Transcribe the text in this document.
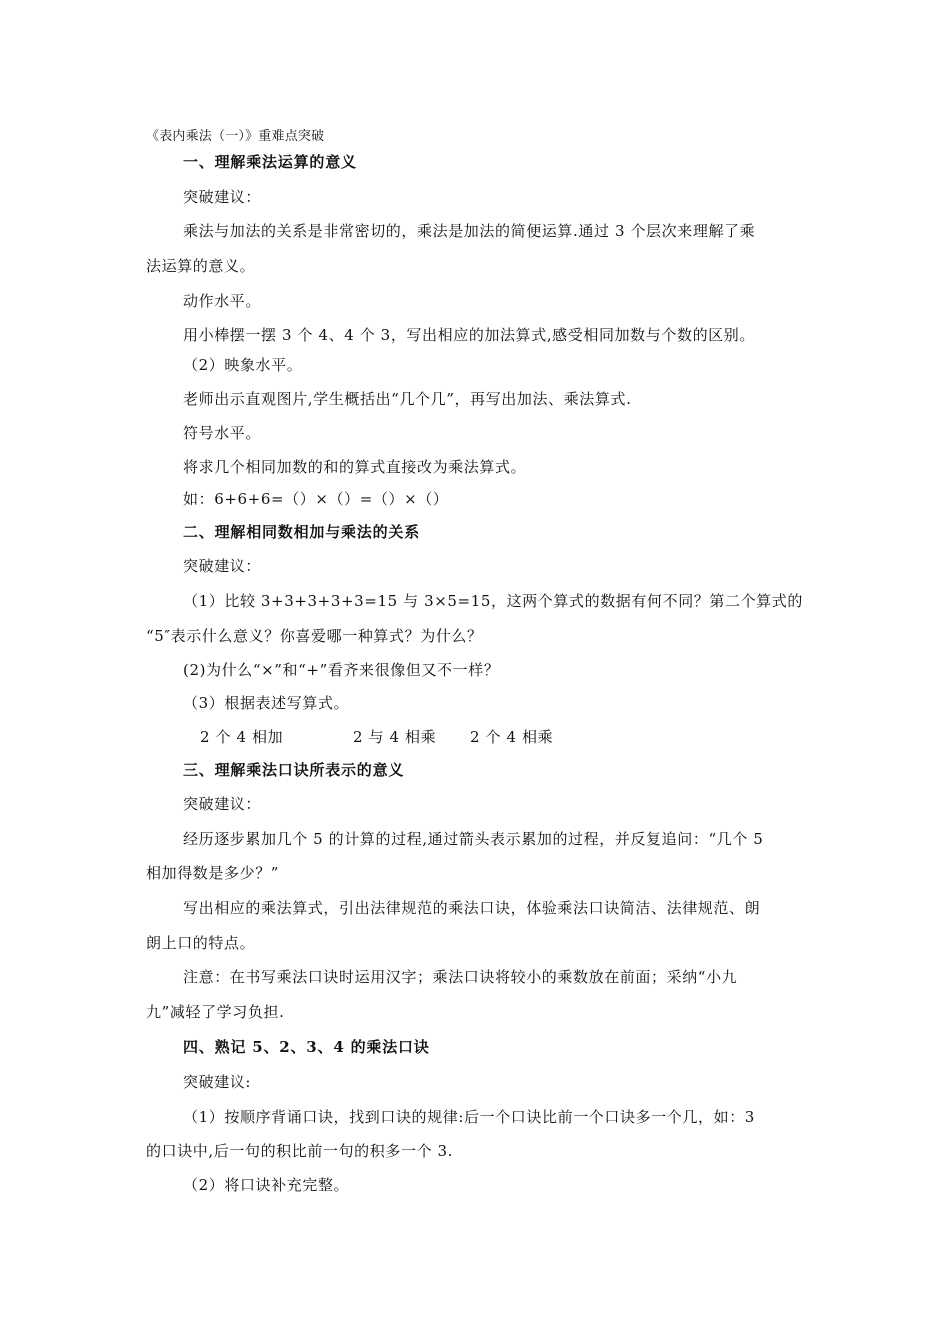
《表内乘法（一）》重难点突破
一、理解乘法运算的意义
突破建议：
乘法与加法的关系是非常密切的，乘法是加法的简便运算.通过 3 个层次来理解了乘
法运算的意义。
动作水平。
用小棒摆一摆 3 个 4、4 个 3，写出相应的加法算式,感受相同加数与个数的区别。
（2）映象水平。
老师出示直观图片,学生概括出“几个几”，再写出加法、乘法算式.
符号水平。
将求几个相同加数的和的算式直接改为乘法算式。
如：6+6+6=（）×（）=（）×（）
二、理解相同数相加与乘法的关系
突破建议：
（1）比较 3+3+3+3+3=15 与 3×5=15，这两个算式的数据有何不同？第二个算式的
“5″表示什么意义？你喜爱哪一种算式？为什么？
(2)为什么“×”和“+”看齐来很像但又不一样？
（3）根据表述写算式。
2 个 4 相加	2 与 4 相乘 2 个 4 相乘
三、理解乘法口诀所表示的意义
突破建议：
经历逐步累加几个 5 的计算的过程,通过箭头表示累加的过程，并反复追问：“几个 5
相加得数是多少？”
写出相应的乘法算式，引出法律规范的乘法口诀，体验乘法口诀简洁、法律规范、朗
朗上口的特点。
注意：在书写乘法口诀时运用汉字；乘法口诀将较小的乘数放在前面；采纳“小九
九”减轻了学习负担.
四、熟记 5、2、3、4 的乘法口诀
突破建议:
（1）按顺序背诵口诀，找到口诀的规律:后一个口诀比前一个口诀多一个几，如：3
的口诀中,后一句的积比前一句的积多一个 3.
（2）将口诀补充完整。
